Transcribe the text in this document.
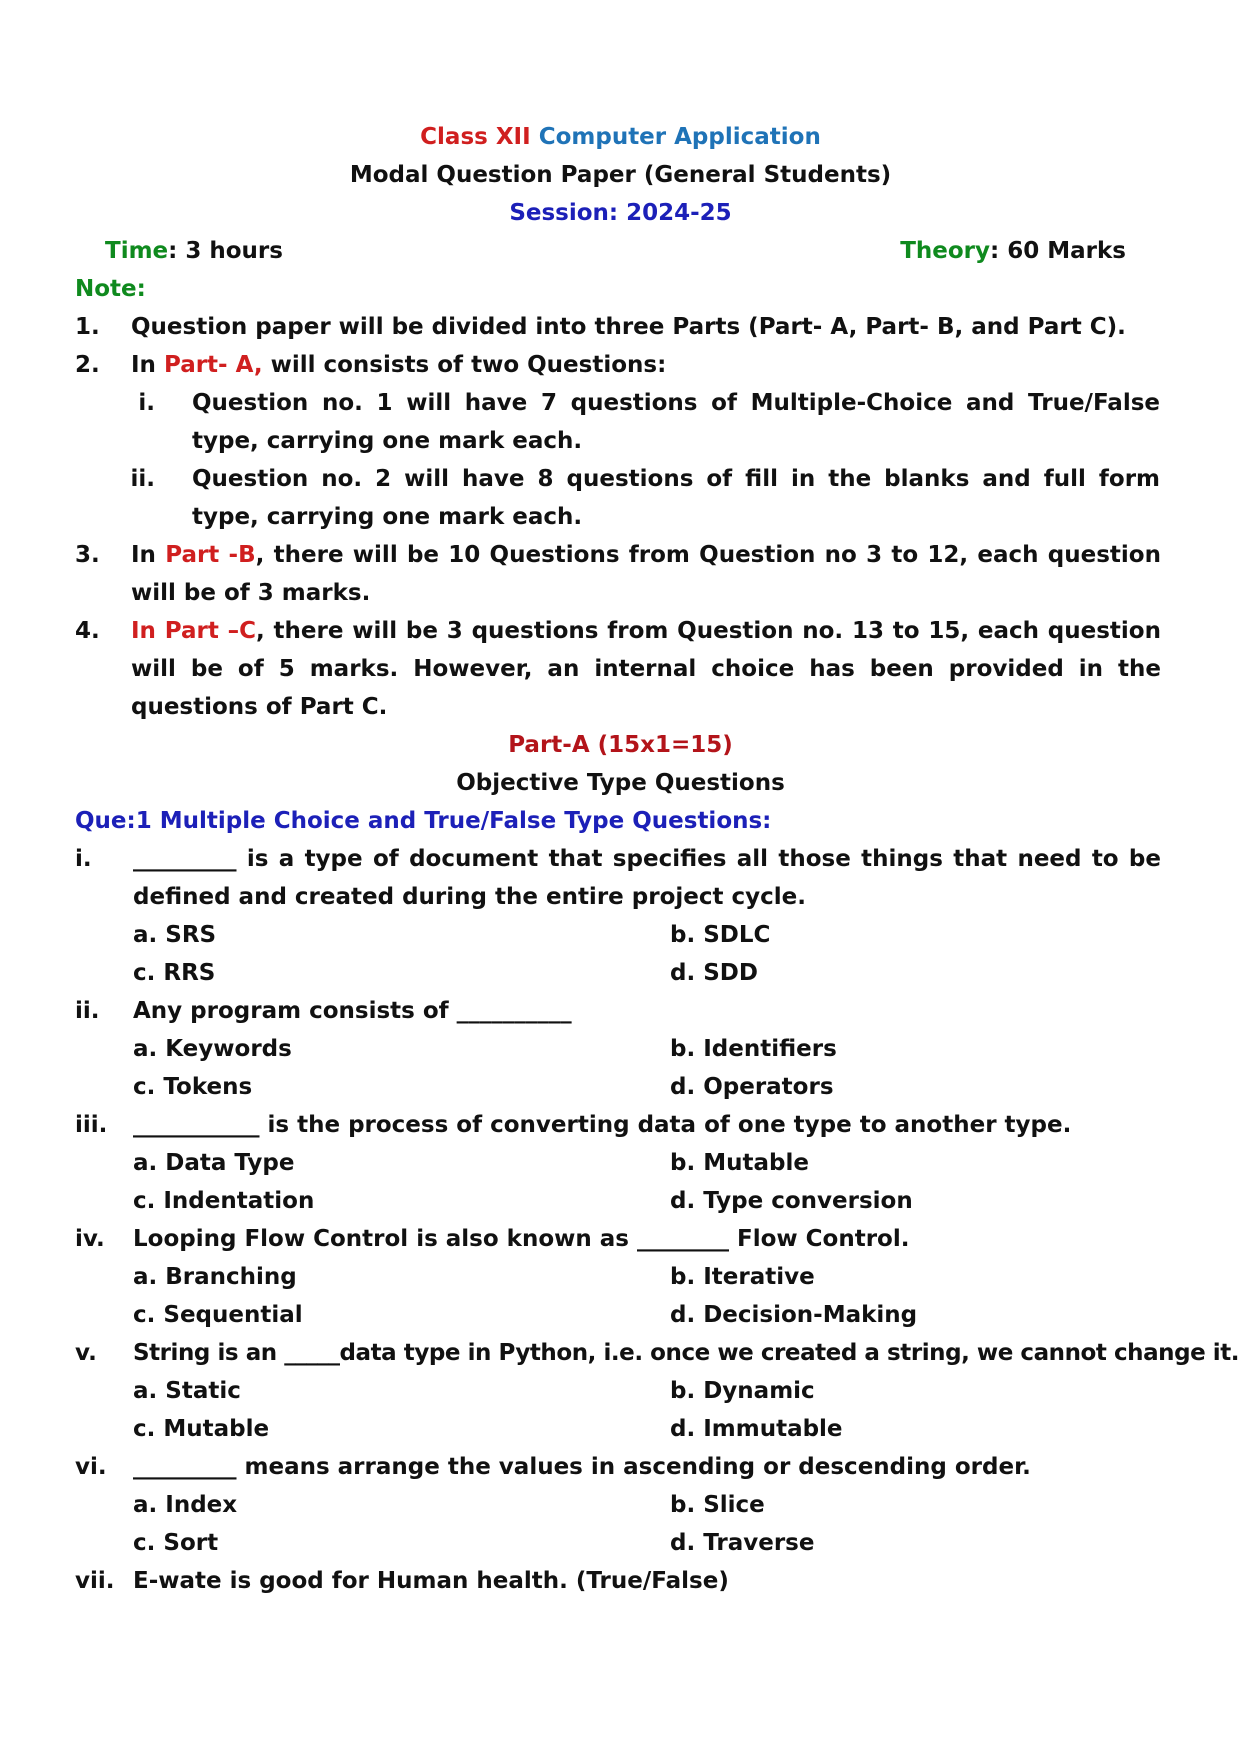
Class XII Computer Application
Modal Question Paper (General Students)
Session: 2024-25
Time: 3 hours	Theory: 60 Marks
Note:
1. Question paper will be divided into three Parts (Part- A, Part- B, and Part C).
2. In Part- A, will consists of two Questions:
i. Question no. 1 will have 7 questions of Multiple-Choice and True/False type, carrying one mark each.
ii. Question no. 2 will have 8 questions of fill in the blanks and full form type, carrying one mark each.
3. In Part -B, there will be 10 Questions from Question no 3 to 12, each question will be of 3 marks.
4. In Part –C, there will be 3 questions from Question no. 13 to 15, each question will be of 5 marks. However, an internal choice has been provided in the questions of Part C.
Part-A (15x1=15)
Objective Type Questions
Que:1 Multiple Choice and True/False Type Questions:
i. _________ is a type of document that specifies all those things that need to be defined and created during the entire project cycle.
a. SRS	b. SDLC
c. RRS	d. SDD
ii. Any program consists of __________
a. Keywords	b. Identifiers
c. Tokens	d. Operators
iii. ___________ is the process of converting data of one type to another type.
a. Data Type	b. Mutable
c. Indentation	d. Type conversion
iv. Looping Flow Control is also known as ________ Flow Control.
a. Branching	b. Iterative
c. Sequential	d. Decision-Making
v. String is an _____data type in Python, i.e. once we created a string, we cannot change it.
a. Static	b. Dynamic
c. Mutable	d. Immutable
vi. _________ means arrange the values in ascending or descending order.
a. Index	b. Slice
c. Sort	d. Traverse
vii. E-wate is good for Human health. (True/False)
